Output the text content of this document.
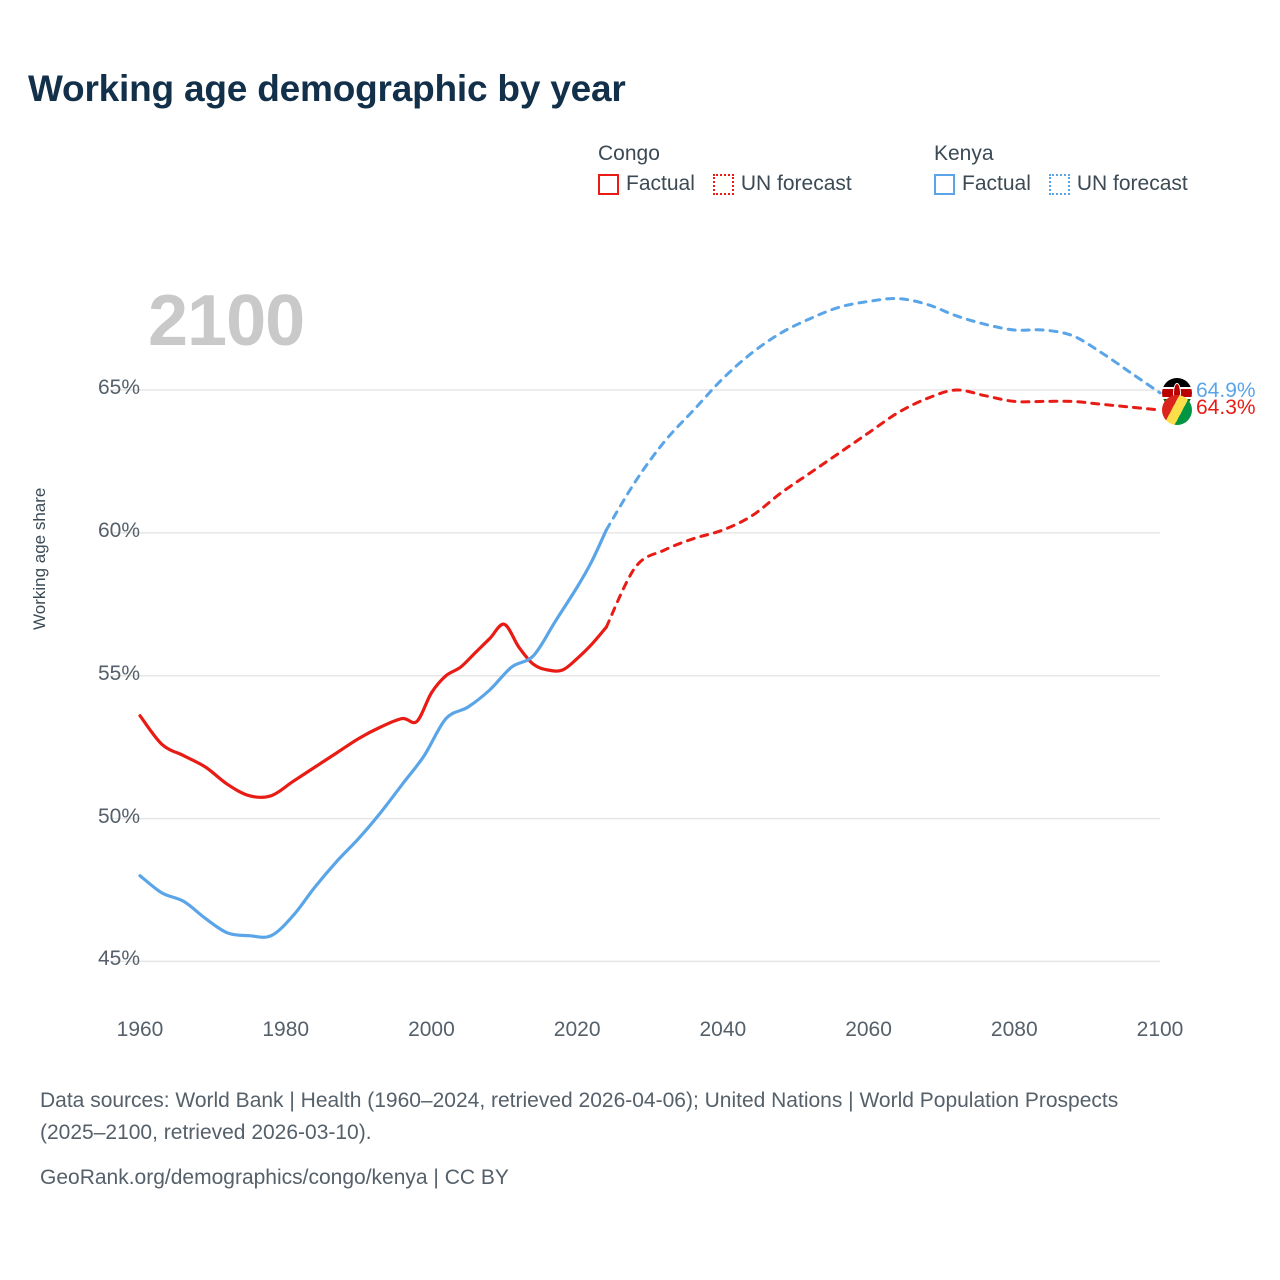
Working age demographic by year
Congo
Factual UN forecast
Kenya
Factual UN forecast
2100
Working age share
45%
50%
55%
60%
65%
1960	1980	2000	2020	2040	2060	2080	2100
64.9%
64.3%

Data sources: World Bank | Health (1960–2024, retrieved 2026-04-06); United Nations | World Population Prospects (2025–2100, retrieved 2026-03-10).

GeoRank.org/demographics/congo/kenya | CC BY
